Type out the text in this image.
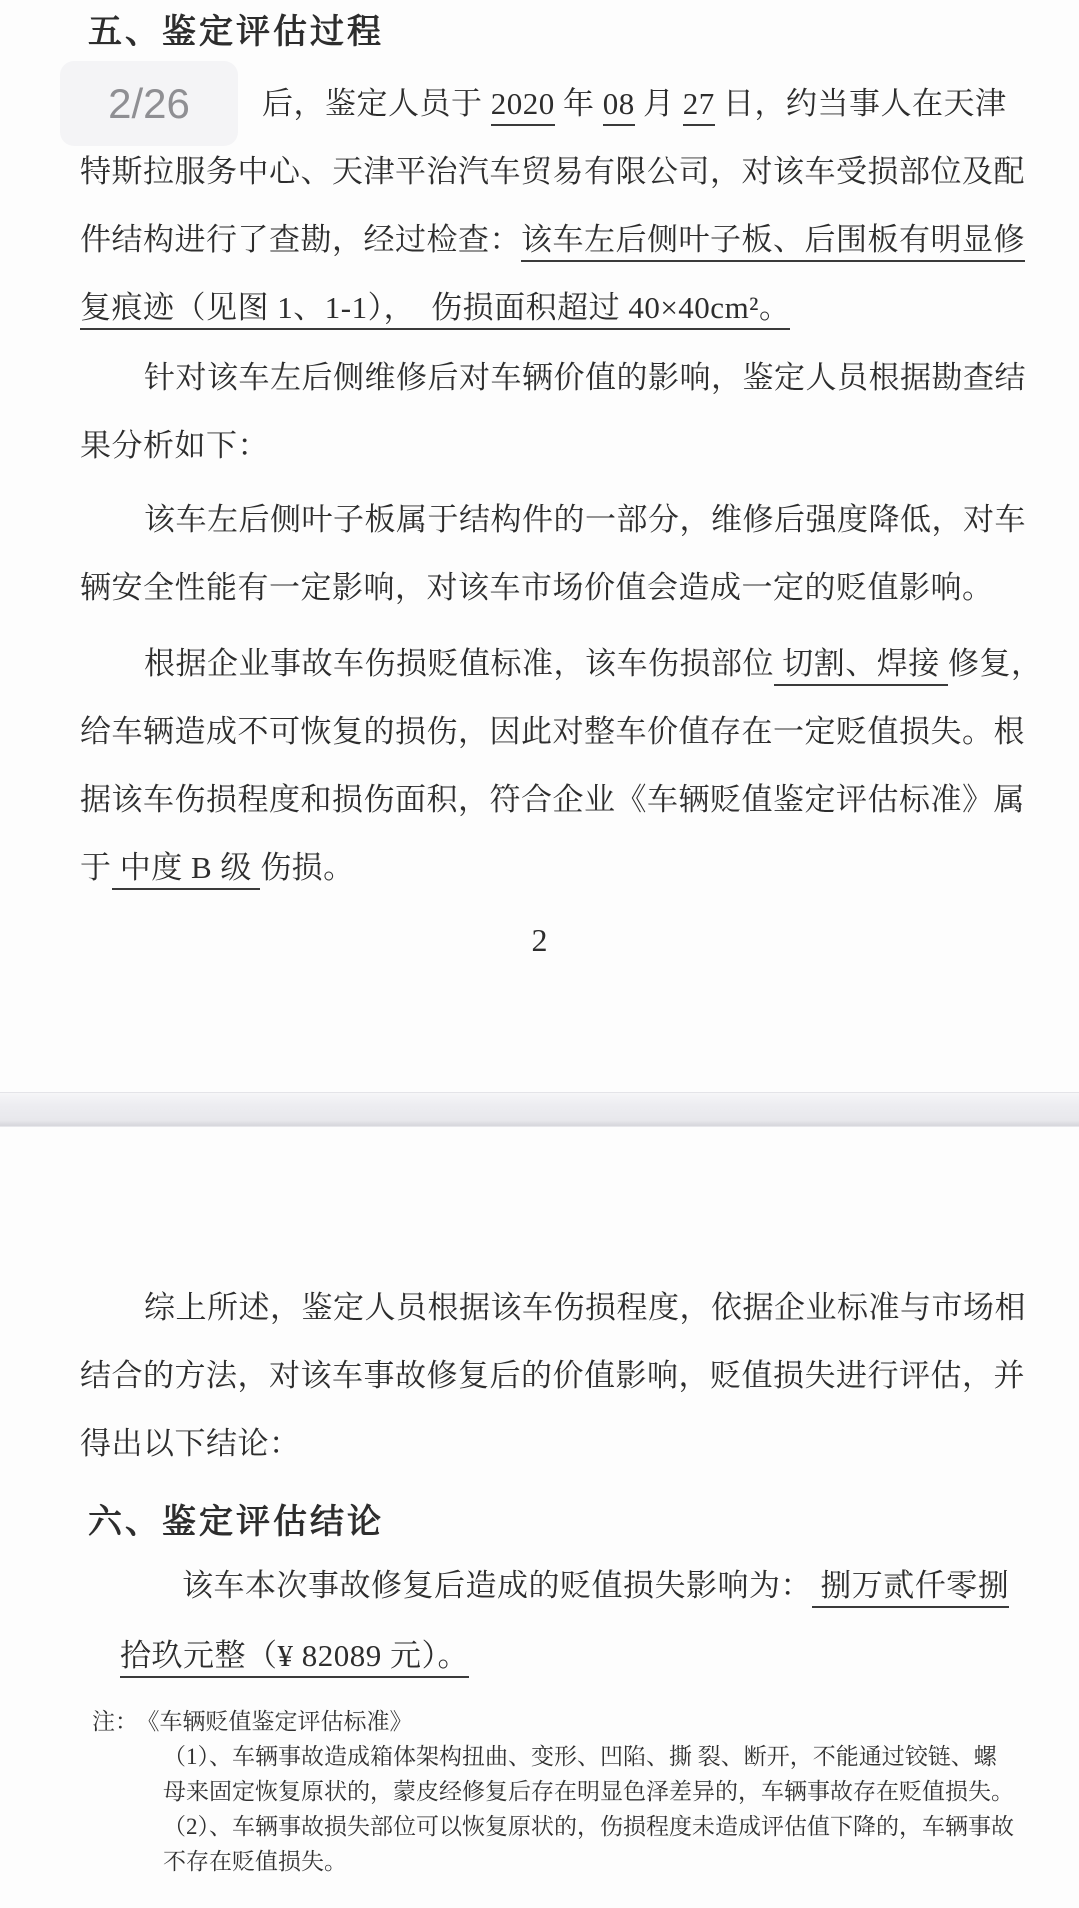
五、鉴定评估过程
2/26	后，鉴定人员于 2020 年 08 月 27 日，约当事人在天津
特斯拉服务中心、天津平治汽车贸易有限公司，对该车受损部位及配
件结构进行了查勘，经过检查：该车左后侧叶子板、后围板有明显修
复痕迹（见图 1、1-1），　伤损面积超过 40×40cm²。
针对该车左后侧维修后对车辆价值的影响，鉴定人员根据勘查结
果分析如下：
该车左后侧叶子板属于结构件的一部分，维修后强度降低，对车
辆安全性能有一定影响，对该车市场价值会造成一定的贬值影响。
根据企业事故车伤损贬值标准，该车伤损部位 切割、焊接 修复，
给车辆造成不可恢复的损伤，因此对整车价值存在一定贬值损失。根
据该车伤损程度和损伤面积，符合企业《车辆贬值鉴定评估标准》属
于 中度 B 级 伤损。
2
综上所述，鉴定人员根据该车伤损程度，依据企业标准与市场相
结合的方法，对该车事故修复后的价值影响，贬值损失进行评估，并
得出以下结论：
六、鉴定评估结论
该车本次事故修复后造成的贬值损失影响为： 捌万贰仟零捌
拾玖元整（¥ 82089 元）。
注： 《车辆贬值鉴定评估标准》
（1）、车辆事故造成箱体架构扭曲、变形、凹陷、撕 裂、断开，不能通过铰链、螺
母来固定恢复原状的，蒙皮经修复后存在明显色泽差异的，车辆事故存在贬值损失。
（2）、车辆事故损失部位可以恢复原状的，伤损程度未造成评估值下降的，车辆事故
不存在贬值损失。
